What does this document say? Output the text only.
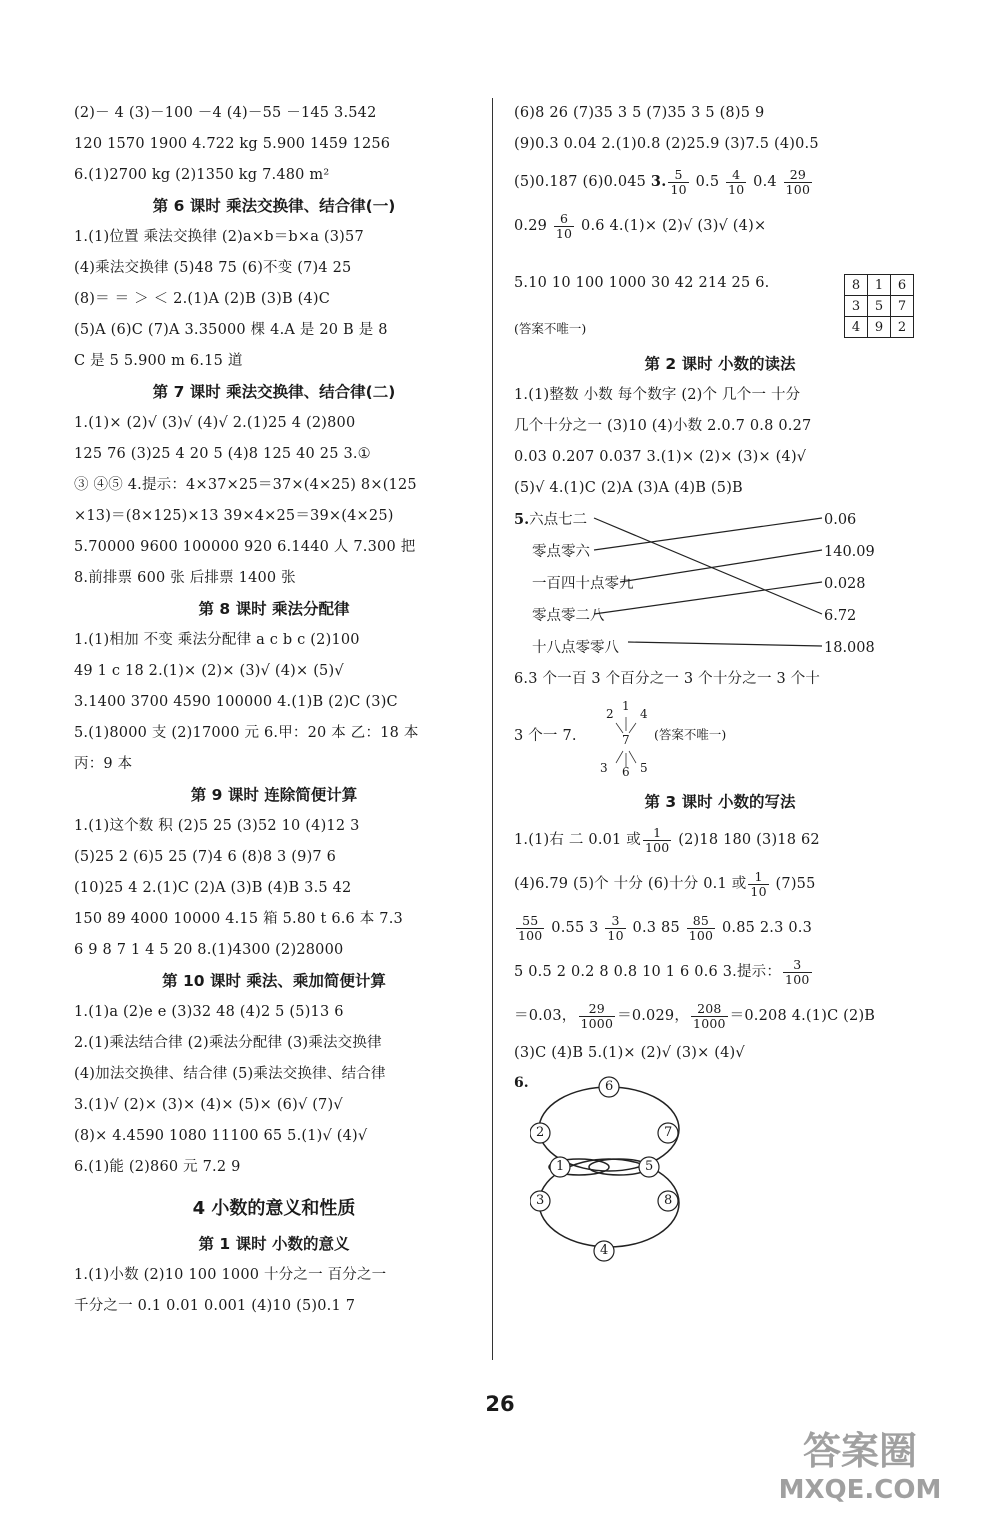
(2)－ 4 (3)－100 －4 (4)－55 －145 3.542
120 1570 1900 4.722 kg 5.900 1459 1256
6.(1)2700 kg (2)1350 kg 7.480 m²
第 6 课时 乘法交换律、结合律(一)
1.(1)位置 乘法交换律 (2)a×b＝b×a (3)57
(4)乘法交换律 (5)48 75 (6)不变 (7)4 25
(8)＝ ＝ ＞ ＜ 2.(1)A (2)B (3)B (4)C
(5)A (6)C (7)A 3.35000 棵 4.A 是 20 B 是 8
C 是 5 5.900 m 6.15 道
第 7 课时 乘法交换律、结合律(二)
1.(1)× (2)√ (3)√ (4)√ 2.(1)25 4 (2)800
125 76 (3)25 4 20 5 (4)8 125 40 25 3.①
③ ④⑤ 4.提示：4×37×25＝37×(4×25) 8×(125
×13)＝(8×125)×13 39×4×25＝39×(4×25)
5.70000 9600 100000 920 6.1440 人 7.300 把
8.前排票 600 张 后排票 1400 张
第 8 课时 乘法分配律
1.(1)相加 不变 乘法分配律 a c b c (2)100
49 1 c 18 2.(1)× (2)× (3)√ (4)× (5)√
3.1400 3700 4590 100000 4.(1)B (2)C (3)C
5.(1)8000 支 (2)17000 元 6.甲：20 本 乙：18 本
丙：9 本
第 9 课时 连除简便计算
1.(1)这个数 积 (2)5 25 (3)52 10 (4)12 3
(5)25 2 (6)5 25 (7)4 6 (8)8 3 (9)7 6
(10)25 4 2.(1)C (2)A (3)B (4)B 3.5 42
150 89 4000 10000 4.15 箱 5.80 t 6.6 本 7.3
6 9 8 7 1 4 5 20 8.(1)4300 (2)28000
第 10 课时 乘法、乘加简便计算
1.(1)a (2)e e (3)32 48 (4)2 5 (5)13 6
2.(1)乘法结合律 (2)乘法分配律 (3)乘法交换律
(4)加法交换律、结合律 (5)乘法交换律、结合律
3.(1)√ (2)× (3)× (4)× (5)× (6)√ (7)√
(8)× 4.4590 1080 11100 65 5.(1)√ (4)√
6.(1)能 (2)860 元 7.2 9
4 小数的意义和性质
第 1 课时 小数的意义
1.(1)小数 (2)10 100 1000 十分之一 百分之一
千分之一 0.1 0.01 0.001 (4)10 (5)0.1 7
(6)8 26 (7)35 3 5 (7)35 3 5 (8)5 9
(9)0.3 0.04 2.(1)0.8 (2)25.9 (3)7.5 (4)0.5
(5)0.187 (6)0.045 3. $\frac{5}{10} 0.5 \frac{4}{10} 0.4 \frac{29}{100}$
$0.29 \frac{6}{10} 0.6$ 4.(1)× (2)√ (3)√ (4)×
5.10 10 100 1000 30 42 214 25 6.	8	1	6
3	5	7
4	9	2
(答案不唯一)
第 2 课时 小数的读法
1.(1)整数 小数 每个数字 (2)个 几个一 十分
几个十分之一 (3)10 (4)小数 2.0.7 0.8 0.27
0.03 0.207 0.037 3.(1)× (2)× (3)× (4)√
(5)√ 4.(1)C (2)A (3)A (4)B (5)B
5.六点七二
零点零六
一百四十点零九
零点零二八
十八点零零八
0.06
140.09
0.028
6.72
18.008
6.3 个一百 3 个百分之一 3 个十分之一 3 个十
3 个一 7.
2
1
4
7
3 6 5
(答案不唯一)
第 3 课时 小数的写法
1.(1)右 二 0.01 或 $\frac{1}{100} (2)18$ 180 (3)18 62
(4)6.79 (5)个 十分 (6)十分 0.1 或 $\frac{1}{10} (7)55$
$\frac{55}{100} 0.55$ $3 \frac{3}{10} 0.3$ $85 \frac{85}{100} 0.85$ 2.3 0.3
5 0.5 2 0.2 8 0.8 10 1 6 0.6 3.提示： $\frac{3}{100}$
＝0.03， $\frac{29}{1000} =0.029$， $\frac{208}{1000} =0.208$ 4.(1)C (2)B
(3)C (4)B 5.(1)× (2)√ (3)× (4)√
6.	6
2	7
1	5
3	8
4
26
答案圈
MXQE.COM
